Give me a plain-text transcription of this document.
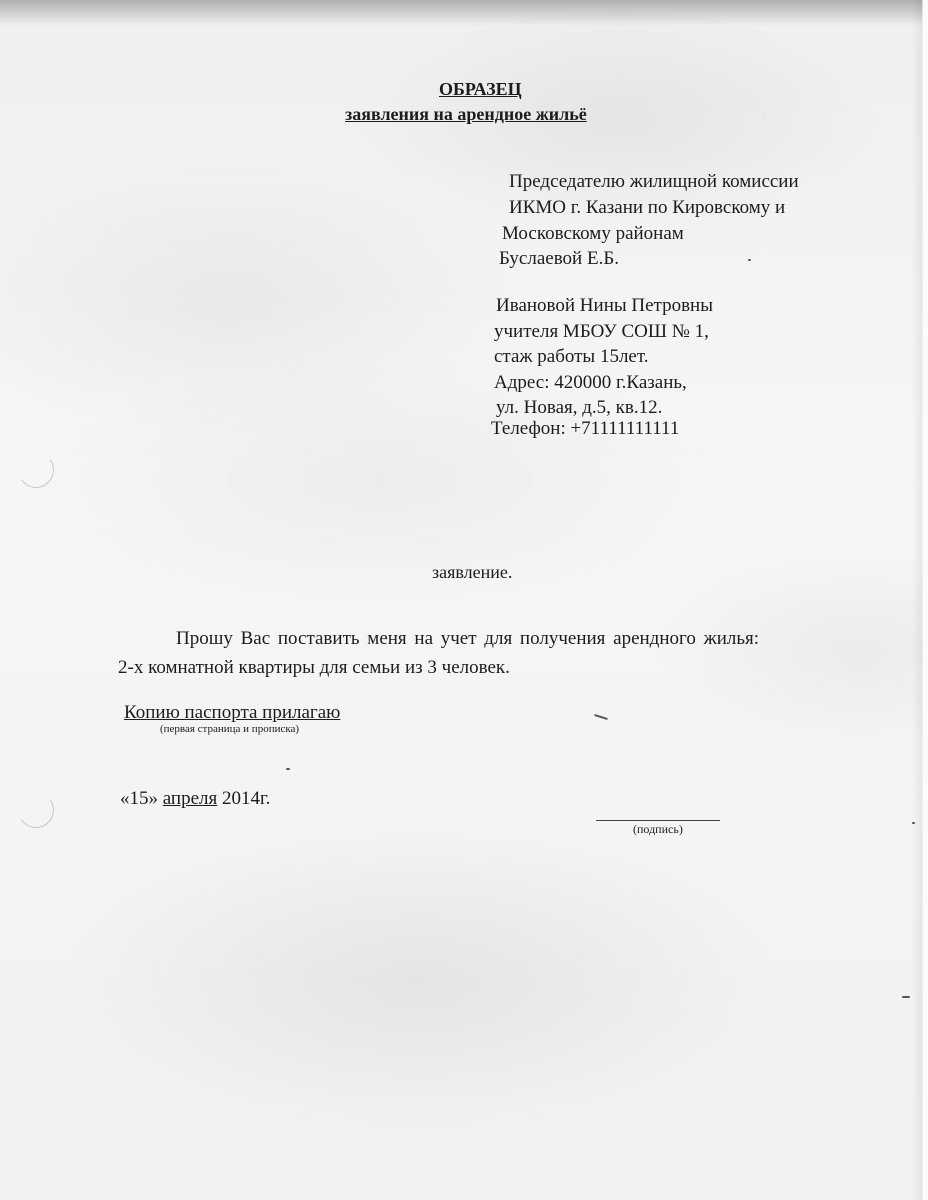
ОБРАЗЕЦ
заявления на арендное жильё
Председателю жилищной комиссии
ИКМО г. Казани по Кировскому и
Московскому районам
Буслаевой Е.Б.
Ивановой Нины Петровны
учителя МБОУ СОШ № 1,
стаж работы 15лет.
Адрес: 420000 г.Казань,
ул. Новая, д.5, кв.12.
Телефон: +71111111111
заявление.
Прошу Вас поставить меня на учет для получения арендного жилья:
2-х комнатной квартиры для семьи из 3 человек.
Копию паспорта прилагаю
(первая страница и прописка)
«15» апреля 2014г.
(подпись)
